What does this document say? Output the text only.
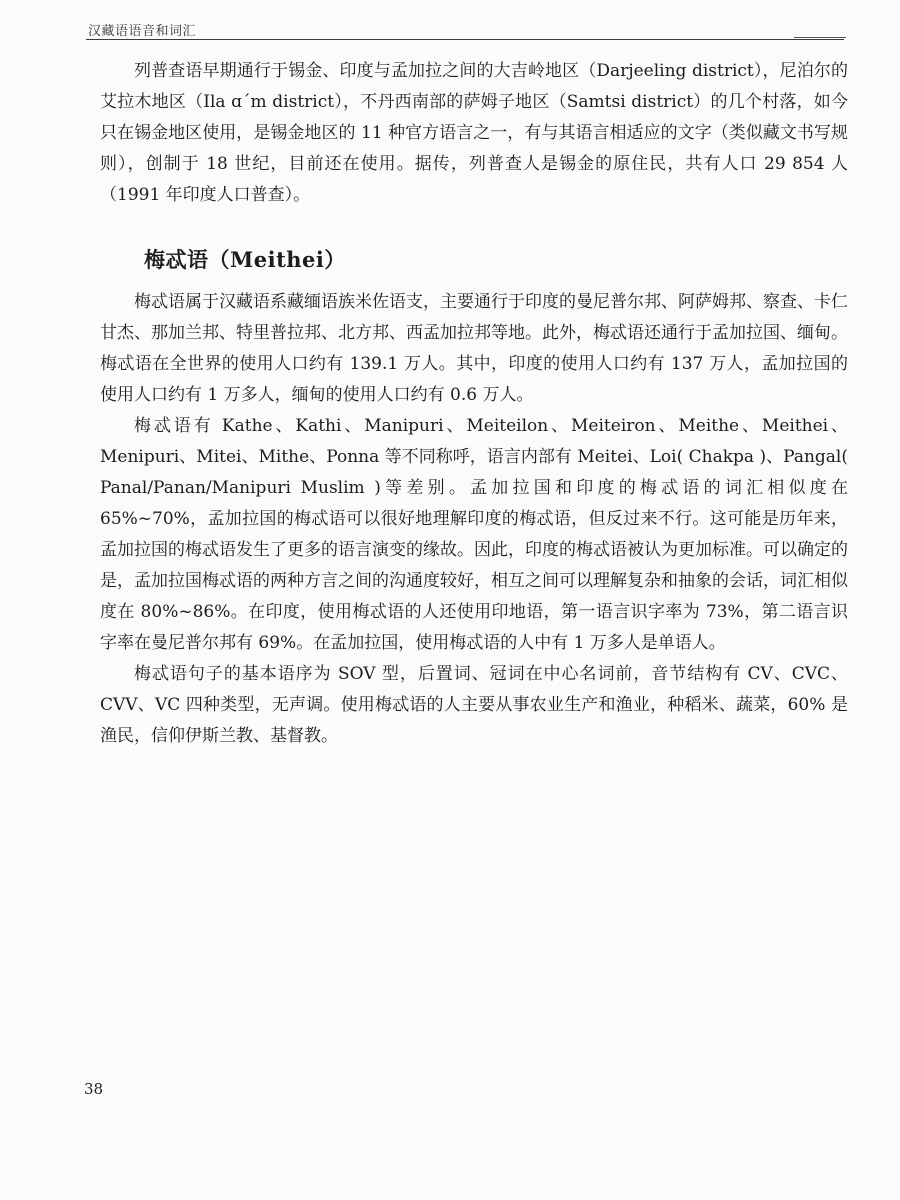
汉藏语语音和词汇

列普查语早期通行于锡金、印度与孟加拉之间的大吉岭地区（Darjeeling district），尼泊尔的艾拉木地区（Ila ɑ΄m district），不丹西南部的萨姆子地区（Samtsi district）的几个村落，如今只在锡金地区使用，是锡金地区的 11 种官方语言之一，有与其语言相适应的文字（类似藏文书写规则），创制于 18 世纪，目前还在使用。据传，列普查人是锡金的原住民，共有人口 29 854 人（1991 年印度人口普查）。

梅忒语（Meithei）

梅忒语属于汉藏语系藏缅语族米佐语支，主要通行于印度的曼尼普尔邦、阿萨姆邦、察查、卡仁甘杰、那加兰邦、特里普拉邦、北方邦、西孟加拉邦等地。此外，梅忒语还通行于孟加拉国、缅甸。梅忒语在全世界的使用人口约有 139.1 万人。其中，印度的使用人口约有 137 万人，孟加拉国的使用人口约有 1 万多人，缅甸的使用人口约有 0.6 万人。

梅忒语有 Kathe、Kathi、Manipuri、Meiteilon、Meiteiron、Meithe、Meithei、Menipuri、Mitei、Mithe、Ponna 等不同称呼，语言内部有 Meitei、Loi( Chakpa )、Pangal( Panal/Panan/Manipuri Muslim )等差别。孟加拉国和印度的梅忒语的词汇相似度在 65%~70%，孟加拉国的梅忒语可以很好地理解印度的梅忒语，但反过来不行。这可能是历年来，孟加拉国的梅忒语发生了更多的语言演变的缘故。因此，印度的梅忒语被认为更加标准。可以确定的是，孟加拉国梅忒语的两种方言之间的沟通度较好，相互之间可以理解复杂和抽象的会话，词汇相似度在 80%~86%。在印度，使用梅忒语的人还使用印地语，第一语言识字率为 73%，第二语言识字率在曼尼普尔邦有 69%。在孟加拉国，使用梅忒语的人中有 1 万多人是单语人。

梅忒语句子的基本语序为 SOV 型，后置词、冠词在中心名词前，音节结构有 CV、CVC、CVV、VC 四种类型，无声调。使用梅忒语的人主要从事农业生产和渔业，种稻米、蔬菜，60% 是渔民，信仰伊斯兰教、基督教。

38
